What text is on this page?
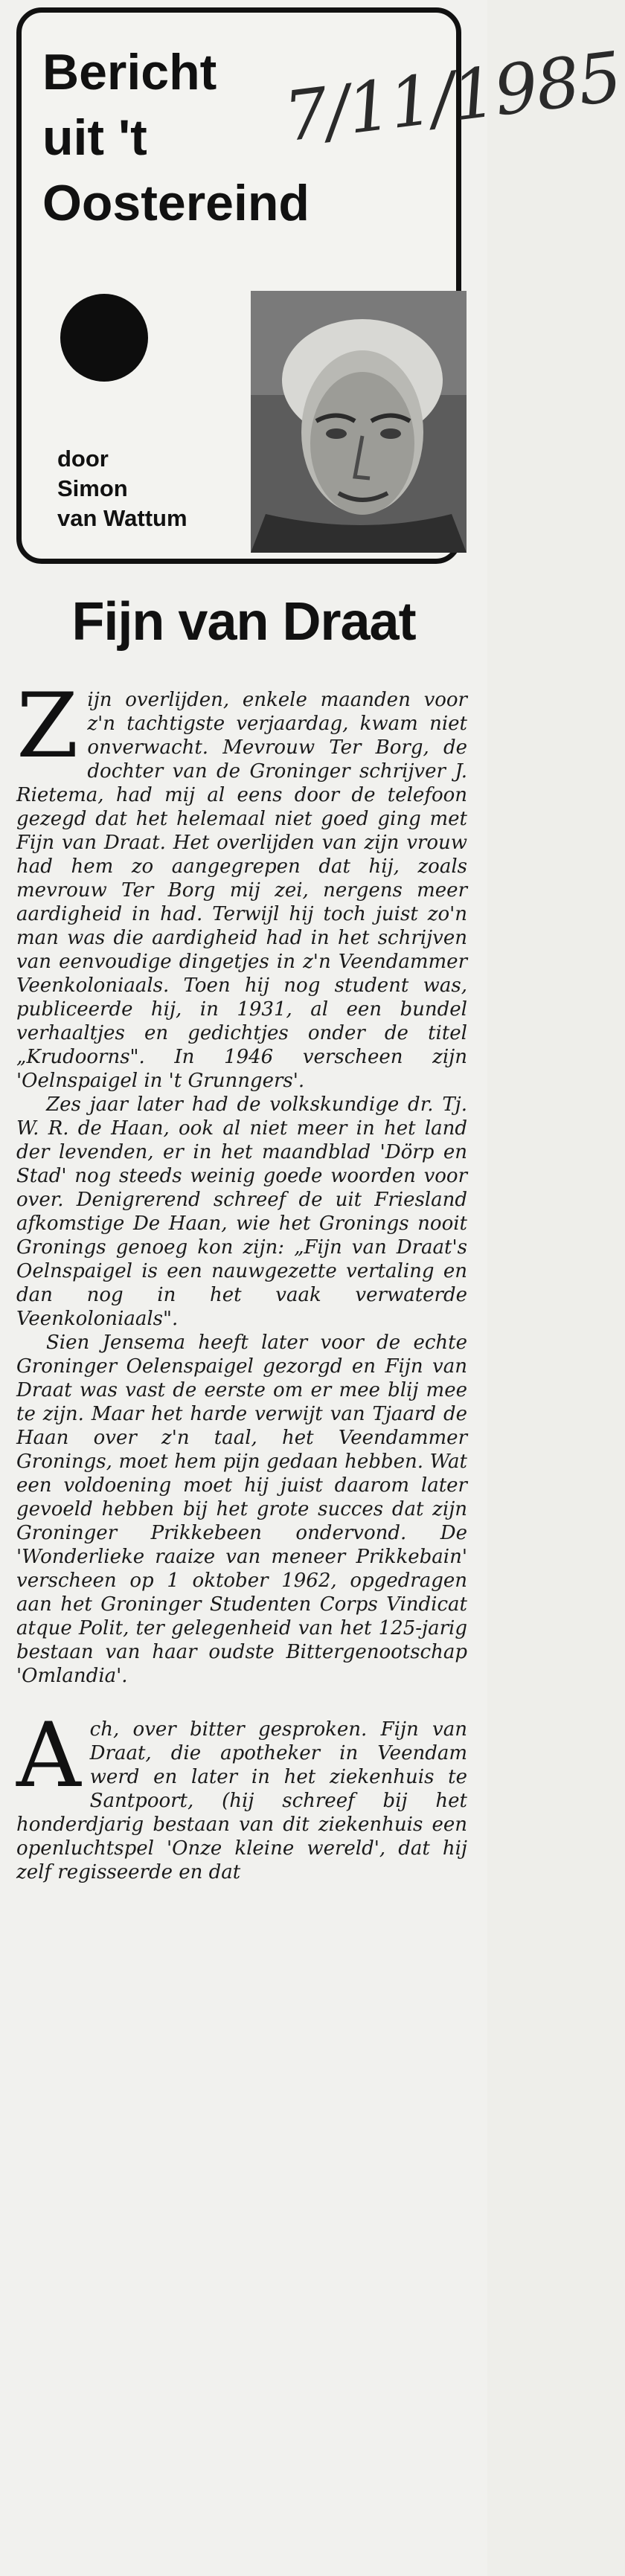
Bericht
uit 't
Oostereind
7/11/1985
door
Simon
van Wattum
Fijn van Draat

Zijn overlijden, enkele maanden voor z'n tachtigste verjaardag, kwam niet onverwacht. Mevrouw Ter Borg, de dochter van de Groninger schrijver J. Rietema, had mij al eens door de telefoon gezegd dat het helemaal niet goed ging met Fijn van Draat. Het overlijden van zijn vrouw had hem zo aangegrepen dat hij, zoals mevrouw Ter Borg mij zei, nergens meer aardigheid in had. Terwijl hij toch juist zo'n man was die aardigheid had in het schrijven van eenvoudige dingetjes in z'n Veendammer Veenkoloniaals. Toen hij nog student was, publiceerde hij, in 1931, al een bundel verhaaltjes en gedichtjes onder de titel „Krudoorns". In 1946 verscheen zijn 'Oelnspaigel in 't Grunngers'.

Zes jaar later had de volkskundige dr. Tj. W. R. de Haan, ook al niet meer in het land der levenden, er in het maandblad 'Dörp en Stad' nog steeds weinig goede woorden voor over. Denigrerend schreef de uit Friesland afkomstige De Haan, wie het Gronings nooit Gronings genoeg kon zijn: „Fijn van Draat's Oelnspaigel is een nauwgezette vertaling en dan nog in het vaak verwaterde Veenkoloniaals".

Sien Jensema heeft later voor de echte Groninger Oelenspaigel gezorgd en Fijn van Draat was vast de eerste om er mee blij mee te zijn. Maar het harde verwijt van Tjaard de Haan over z'n taal, het Veendammer Gronings, moet hem pijn gedaan hebben. Wat een voldoening moet hij juist daarom later gevoeld hebben bij het grote succes dat zijn Groninger Prikkebeen ondervond. De 'Wonderlieke raaize van meneer Prikkebain' verscheen op 1 oktober 1962, opgedragen aan het Groninger Studenten Corps Vindicat atque Polit, ter gelegenheid van het 125-jarig bestaan van haar oudste Bittergenootschap 'Omlandia'.

Ach, over bitter gesproken. Fijn van Draat, die apotheker in Veendam werd en later in het ziekenhuis te Santpoort, (hij schreef bij het honderdjarig bestaan van dit ziekenhuis een openluchtspel 'Onze kleine wereld', dat hij zelf regisseerde en dat
